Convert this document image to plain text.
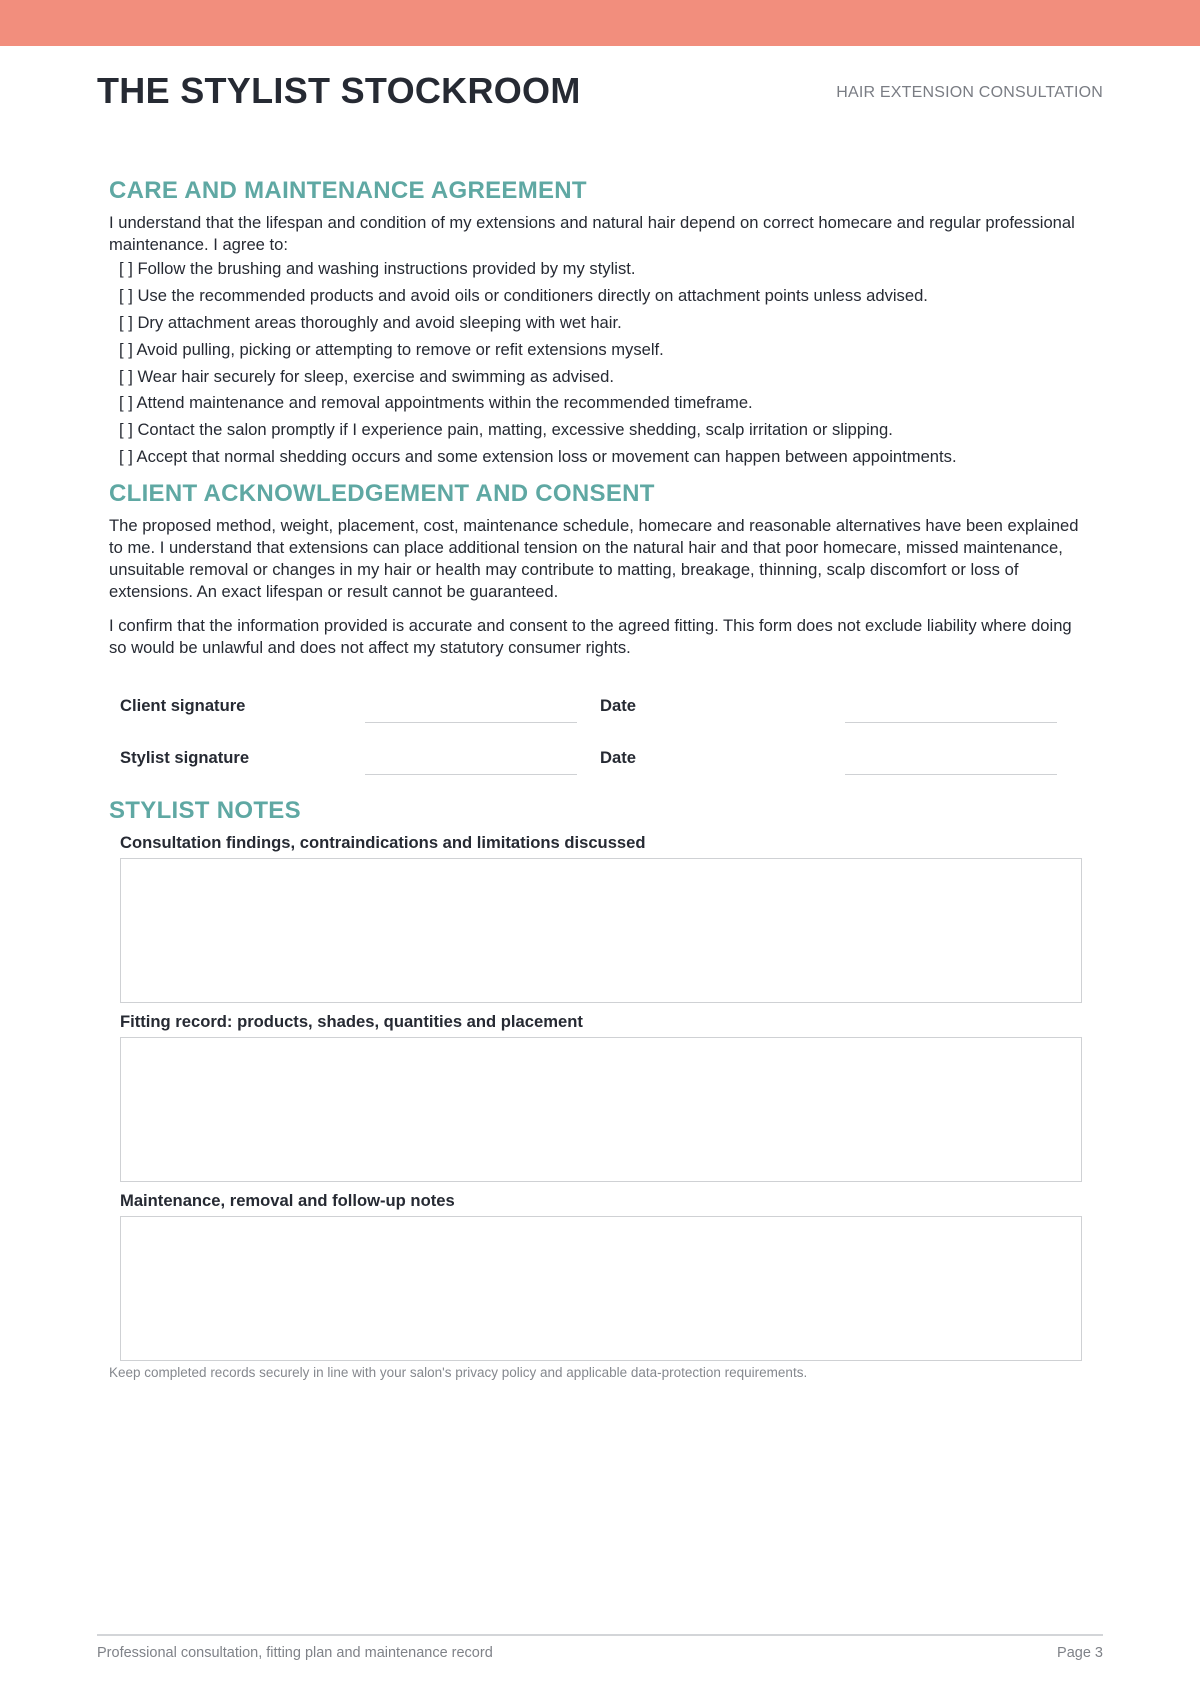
THE STYLIST STOCKROOM	HAIR EXTENSION CONSULTATION
CARE AND MAINTENANCE AGREEMENT

I understand that the lifespan and condition of my extensions and natural hair depend on correct homecare and regular professional maintenance. I agree to:

[ ] Follow the brushing and washing instructions provided by my stylist.
[ ] Use the recommended products and avoid oils or conditioners directly on attachment points unless advised.
[ ] Dry attachment areas thoroughly and avoid sleeping with wet hair.
[ ] Avoid pulling, picking or attempting to remove or refit extensions myself.
[ ] Wear hair securely for sleep, exercise and swimming as advised.
[ ] Attend maintenance and removal appointments within the recommended timeframe.
[ ] Contact the salon promptly if I experience pain, matting, excessive shedding, scalp irritation or slipping.
[ ] Accept that normal shedding occurs and some extension loss or movement can happen between appointments.
CLIENT ACKNOWLEDGEMENT AND CONSENT

The proposed method, weight, placement, cost, maintenance schedule, homecare and reasonable alternatives have been explained to me. I understand that extensions can place additional tension on the natural hair and that poor homecare, missed maintenance, unsuitable removal or changes in my hair or health may contribute to matting, breakage, thinning, scalp discomfort or loss of extensions. An exact lifespan or result cannot be guaranteed.

I confirm that the information provided is accurate and consent to the agreed fitting. This form does not exclude liability where doing so would be unlawful and does not affect my statutory consumer rights.

Client signature	Date
Stylist signature	Date
STYLIST NOTES
Consultation findings, contraindications and limitations discussed
Fitting record: products, shades, quantities and placement
Maintenance, removal and follow-up notes

Keep completed records securely in line with your salon's privacy policy and applicable data-protection requirements.

Professional consultation, fitting plan and maintenance record	Page 3
